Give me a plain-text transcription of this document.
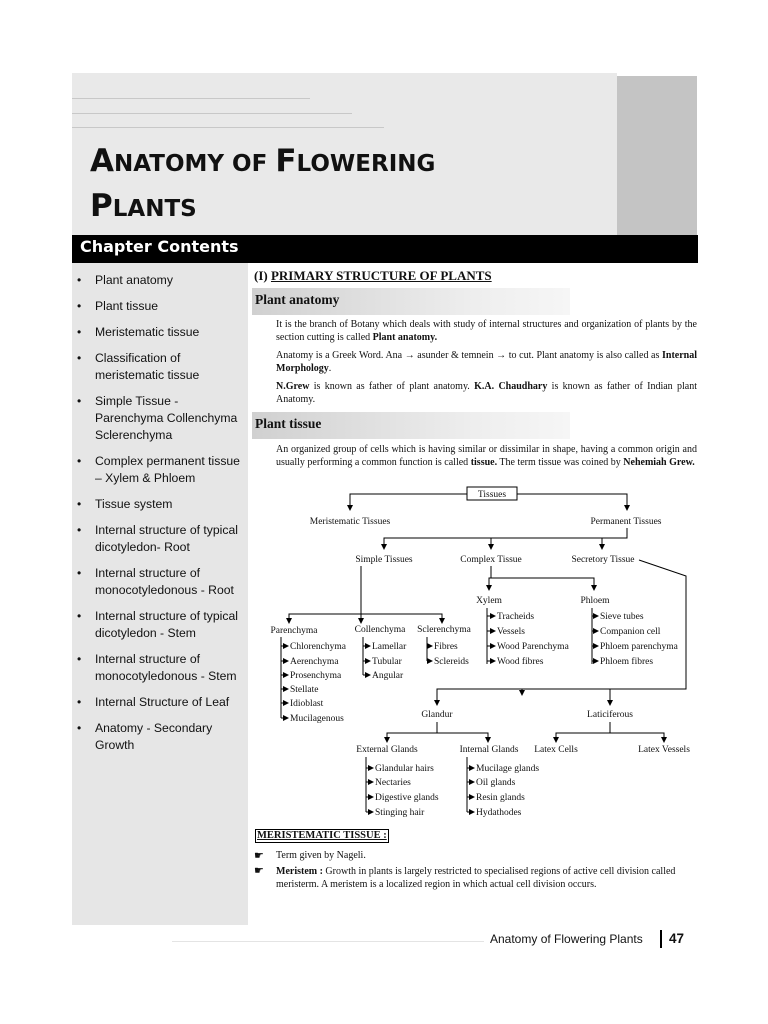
ANATOMY OF FLOWERING
PLANTS
Chapter Contents
• Plant anatomy
• Plant tissue
• Meristematic tissue
• Classification of meristematic tissue
• Simple Tissue - Parenchyma Collenchyma Sclerenchyma
• Complex permanent tissue – Xylem & Phloem
• Tissue system
• Internal structure of typical dicotyledon- Root
• Internal structure of monocotyledonous - Root
• Internal structure of typical dicotyledon - Stem
• Internal structure of monocotyledonous - Stem
• Internal Structure of Leaf
• Anatomy - Secondary Growth
(I) PRIMARY STRUCTURE OF PLANTS
Plant anatomy

It is the branch of Botany which deals with study of internal structures and organization of plants by the section cutting is called Plant anatomy.

Anatomy is a Greek Word. Ana → asunder & temnein → to cut. Plant anatomy is also called as Internal Morphology.

N.Grew is known as father of plant anatomy. K.A. Chaudhary is known as father of Indian plant Anatomy.

Plant tissue

An organized group of cells which is having similar or dissimilar in shape, having a common origin and usually performing a common function is called tissue. The term tissue was coined by Nehemiah Grew.

Tissues
Meristematic Tissues	Permanent Tissues
Simple Tissues	Complex Tissue	Secretory Tissue
Xylem	Phloem
Tracheids
Vessels
Wood Parenchyma
Wood fibres
Sieve tubes
Companion cell
Phloem parenchyma
Phloem fibres
Parenchyma	Collenchyma Sclerenchyma
Chlorenchyma
Aerenchyma
Prosenchyma
Stellate
Idioblast
Mucilagenous
Lamellar
Tubular
Angular
Fibres
Sclereids
Glandur	Laticiferous
External Glands	Internal Glands Latex Cells	Latex Vessels
Glandular hairs
Nectaries
Digestive glands
Stinging hair
Mucilage glands
Oil glands
Resin glands
Hydathodes
MERISTEMATIC TISSUE :
☛ Term given by Nageli.
☛ Meristem : Growth in plants is largely restricted to specialised regions of active cell division called meristerm. A meristem is a localized region in which actual cell division occurs.
Anatomy of Flowering Plants 47
